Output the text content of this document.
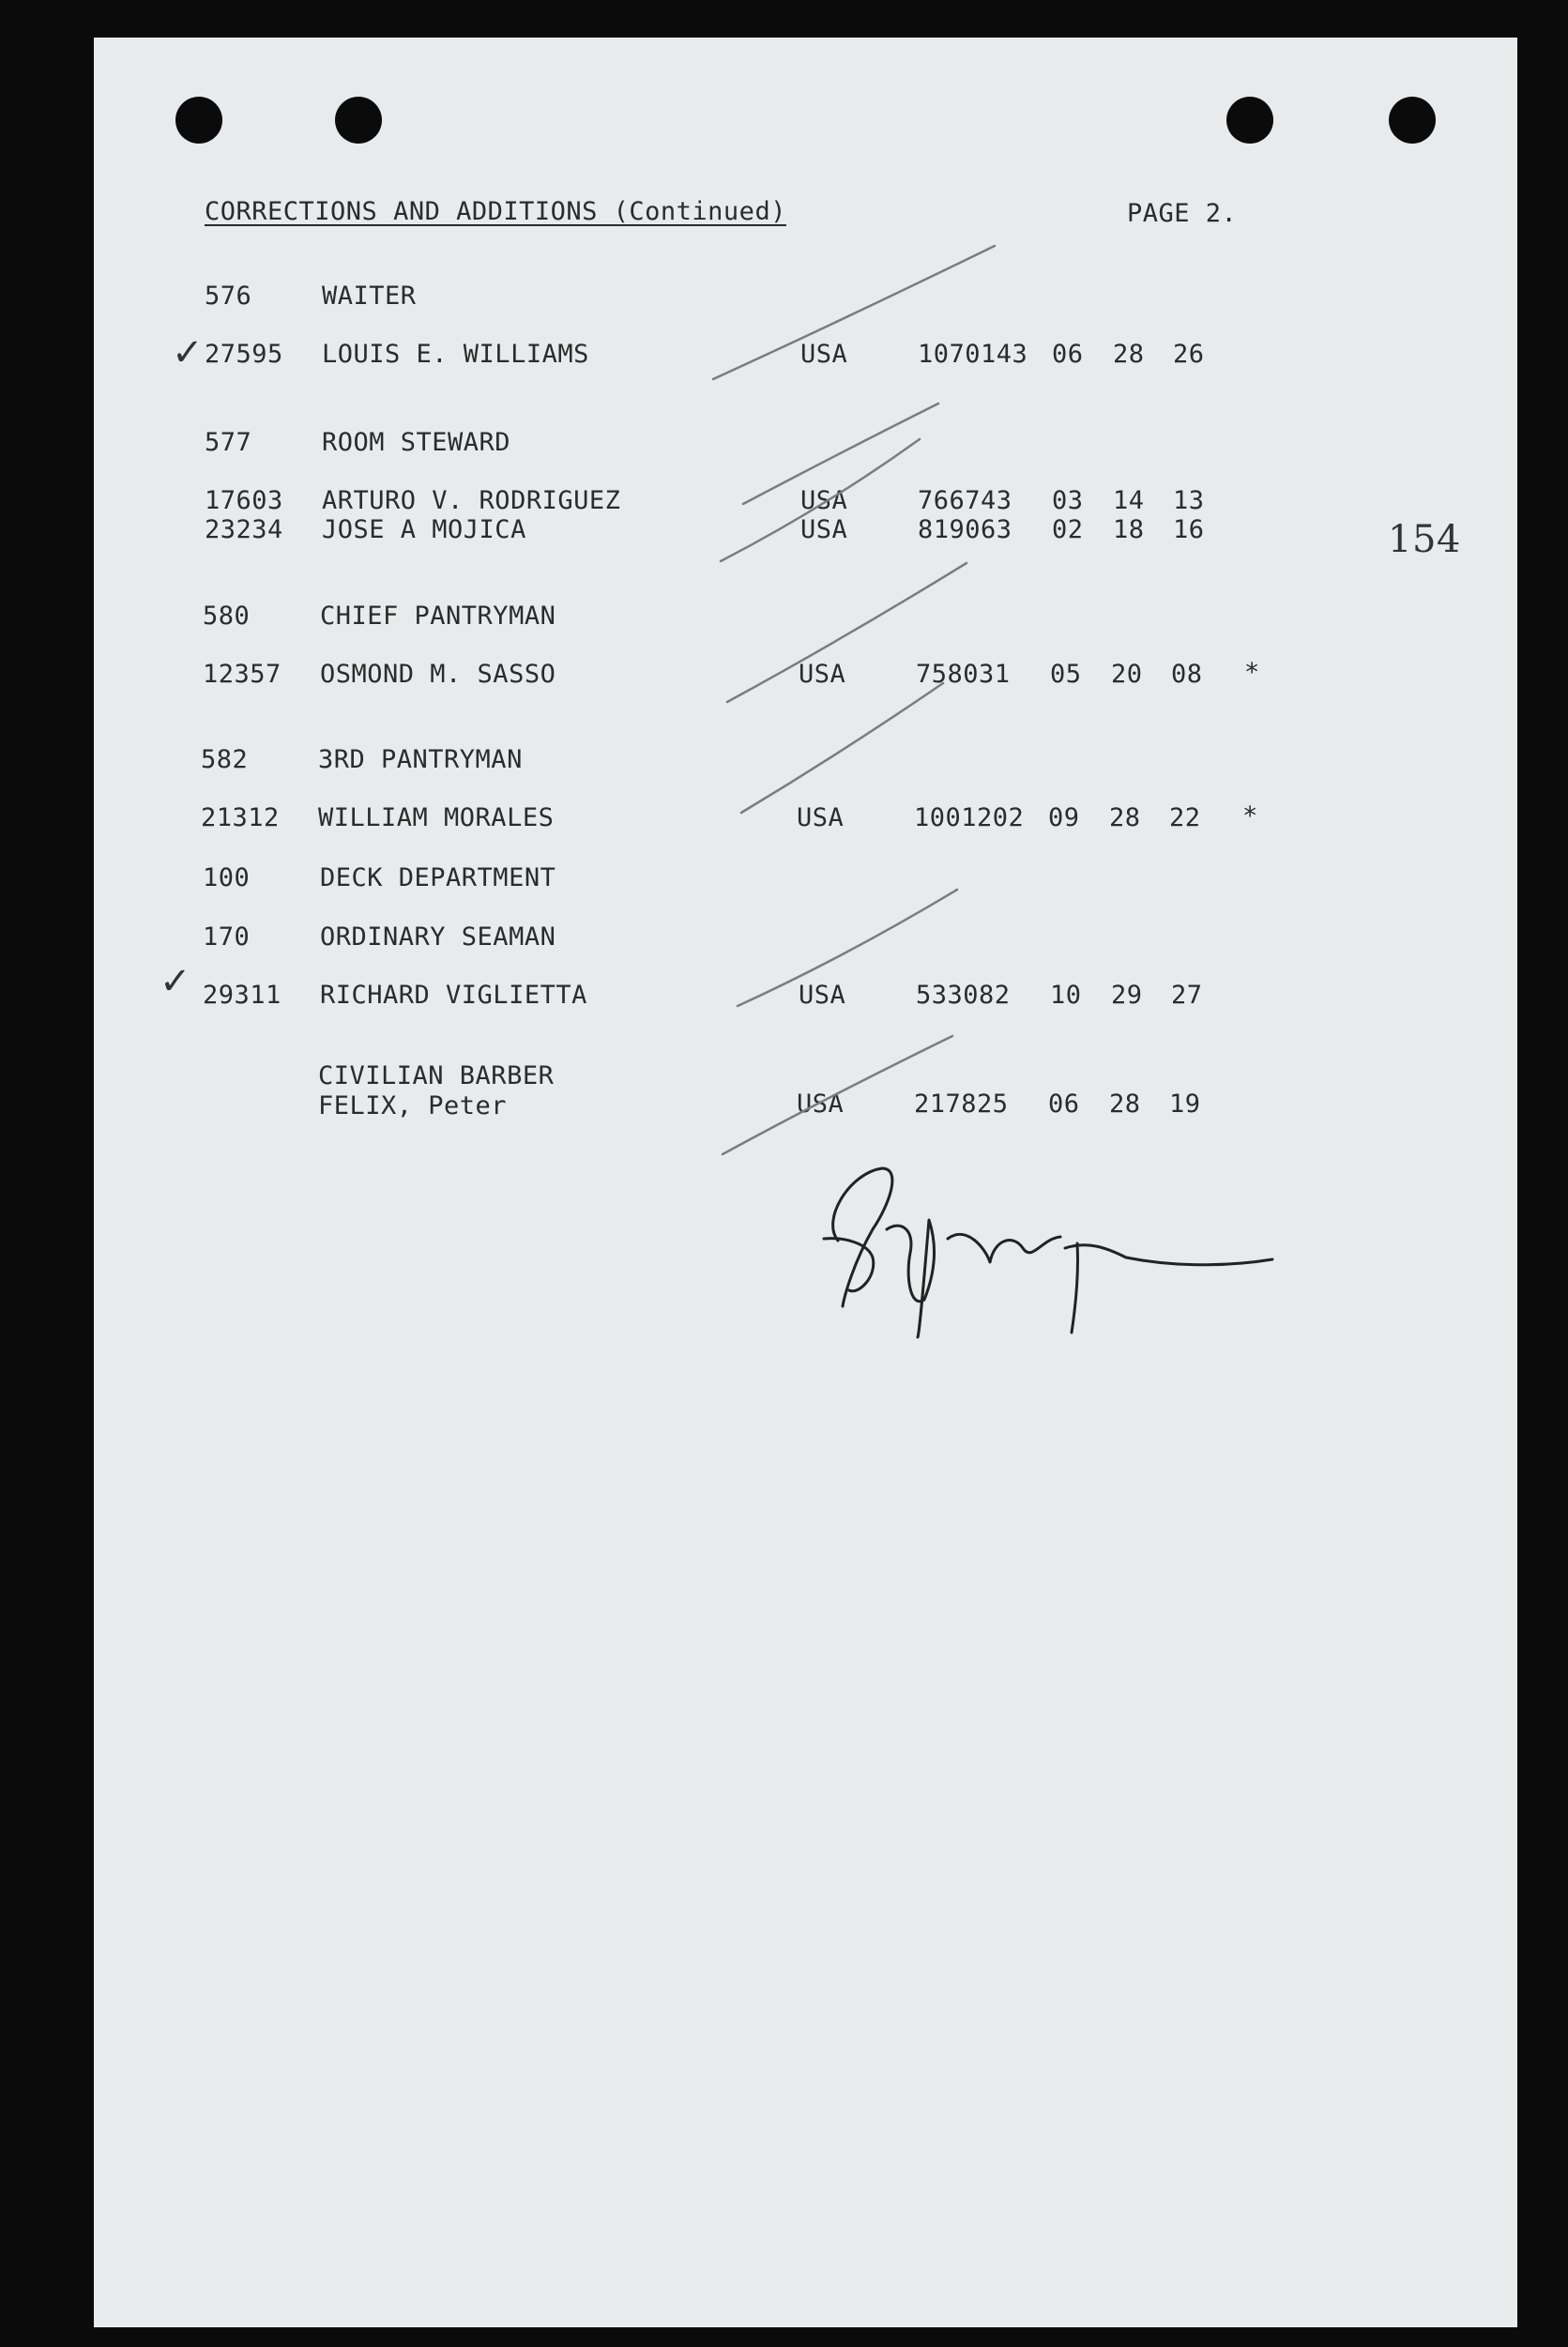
CORRECTIONS AND ADDITIONS (Continued)	PAGE 2.
154
✓
✓
576	WAITER
27595 LOUIS E. WILLIAMS	USA	1070143 06 28 26
577	ROOM STEWARD
17603 ARTURO V. RODRIGUEZ	USA	766743 03 14 13
23234 JOSE A MOJICA	USA	819063 02 18 16
580	CHIEF PANTRYMAN
12357 OSMOND M. SASSO	USA	758031 05 20 08 *
582	3RD PANTRYMAN
21312 WILLIAM MORALES	USA	1001202 09 28 22 *
100	DECK DEPARTMENT
170	ORDINARY SEAMAN
29311 RICHARD VIGLIETTA	USA	533082 10 29 27
CIVILIAN BARBER
FELIX, Peter	USA	217825 06 28 19
